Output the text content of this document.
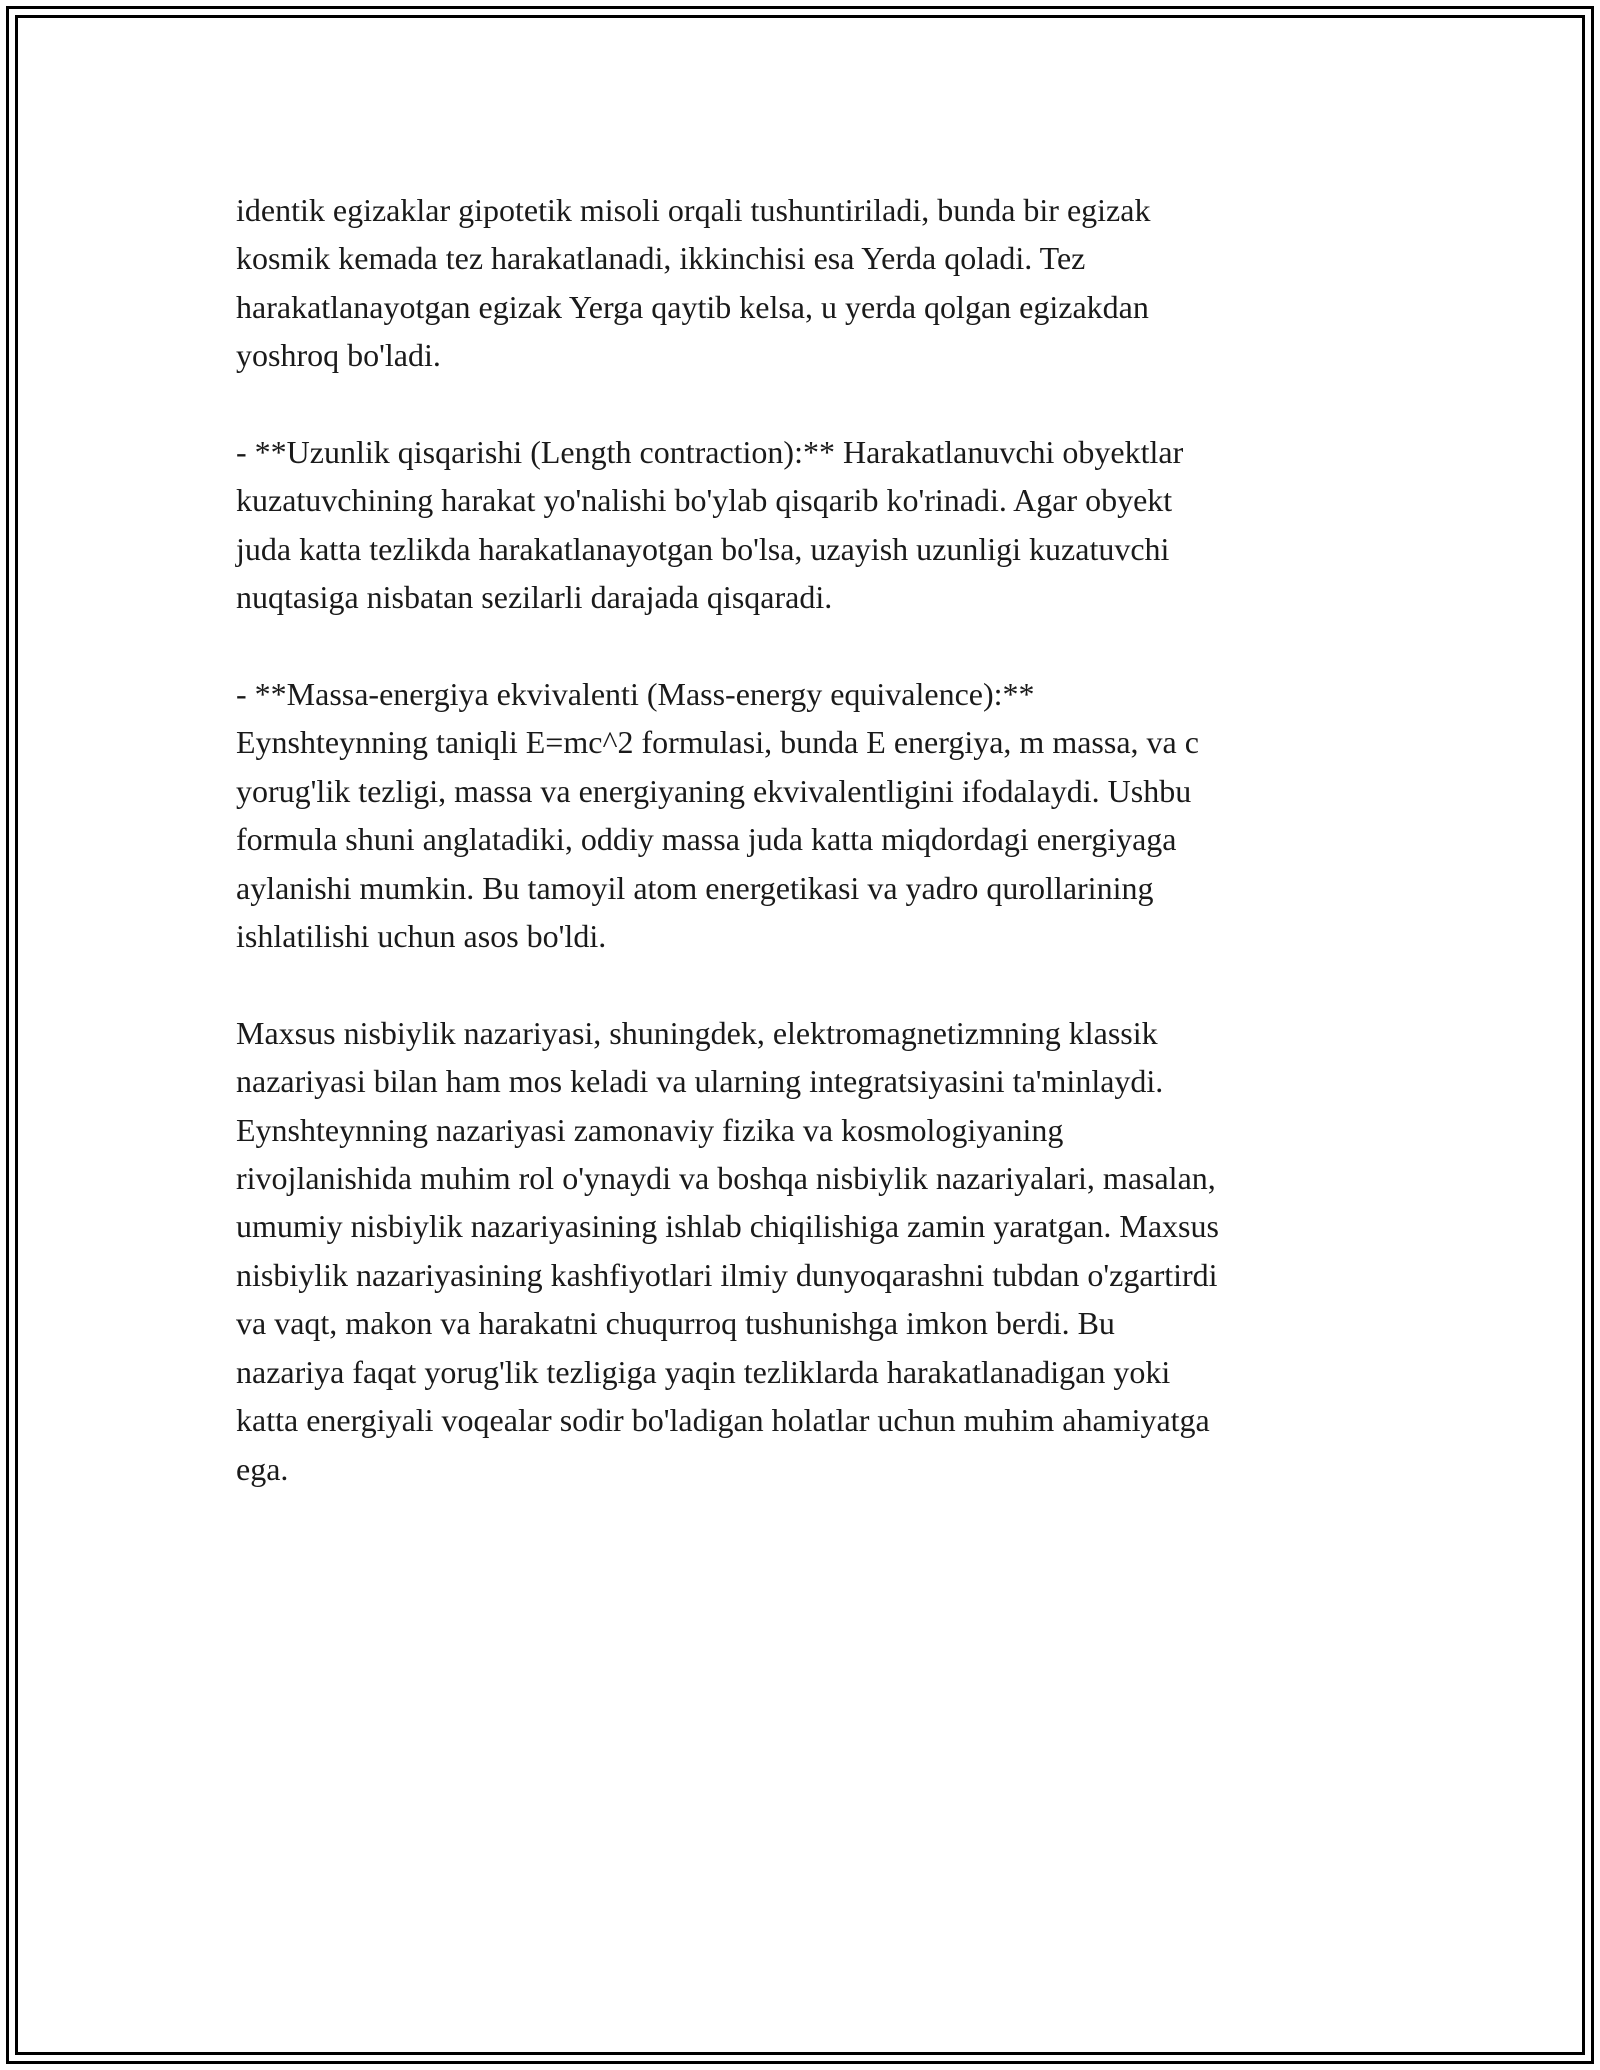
identik egizaklar gipotetik misoli orqali tushuntiriladi, bunda bir egizak
kosmik kemada tez harakatlanadi, ikkinchisi esa Yerda qoladi. Tez
harakatlanayotgan egizak Yerga qaytib kelsa, u yerda qolgan egizakdan
yoshroq bo'ladi.

- **Uzunlik qisqarishi (Length contraction):** Harakatlanuvchi obyektlar
kuzatuvchining harakat yo'nalishi bo'ylab qisqarib ko'rinadi. Agar obyekt
juda katta tezlikda harakatlanayotgan bo'lsa, uzayish uzunligi kuzatuvchi
nuqtasiga nisbatan sezilarli darajada qisqaradi.

- **Massa-energiya ekvivalenti (Mass-energy equivalence):**
Eynshteynning taniqli E=mc^2 formulasi, bunda E energiya, m massa, va c
yorug'lik tezligi, massa va energiyaning ekvivalentligini ifodalaydi. Ushbu
formula shuni anglatadiki, oddiy massa juda katta miqdordagi energiyaga
aylanishi mumkin. Bu tamoyil atom energetikasi va yadro qurollarining
ishlatilishi uchun asos bo'ldi.

Maxsus nisbiylik nazariyasi, shuningdek, elektromagnetizmning klassik
nazariyasi bilan ham mos keladi va ularning integratsiyasini ta'minlaydi.
Eynshteynning nazariyasi zamonaviy fizika va kosmologiyaning
rivojlanishida muhim rol o'ynaydi va boshqa nisbiylik nazariyalari, masalan,
umumiy nisbiylik nazariyasining ishlab chiqilishiga zamin yaratgan. Maxsus
nisbiylik nazariyasining kashfiyotlari ilmiy dunyoqarashni tubdan o'zgartirdi
va vaqt, makon va harakatni chuqurroq tushunishga imkon berdi. Bu
nazariya faqat yorug'lik tezligiga yaqin tezliklarda harakatlanadigan yoki
katta energiyali voqealar sodir bo'ladigan holatlar uchun muhim ahamiyatga
ega.
